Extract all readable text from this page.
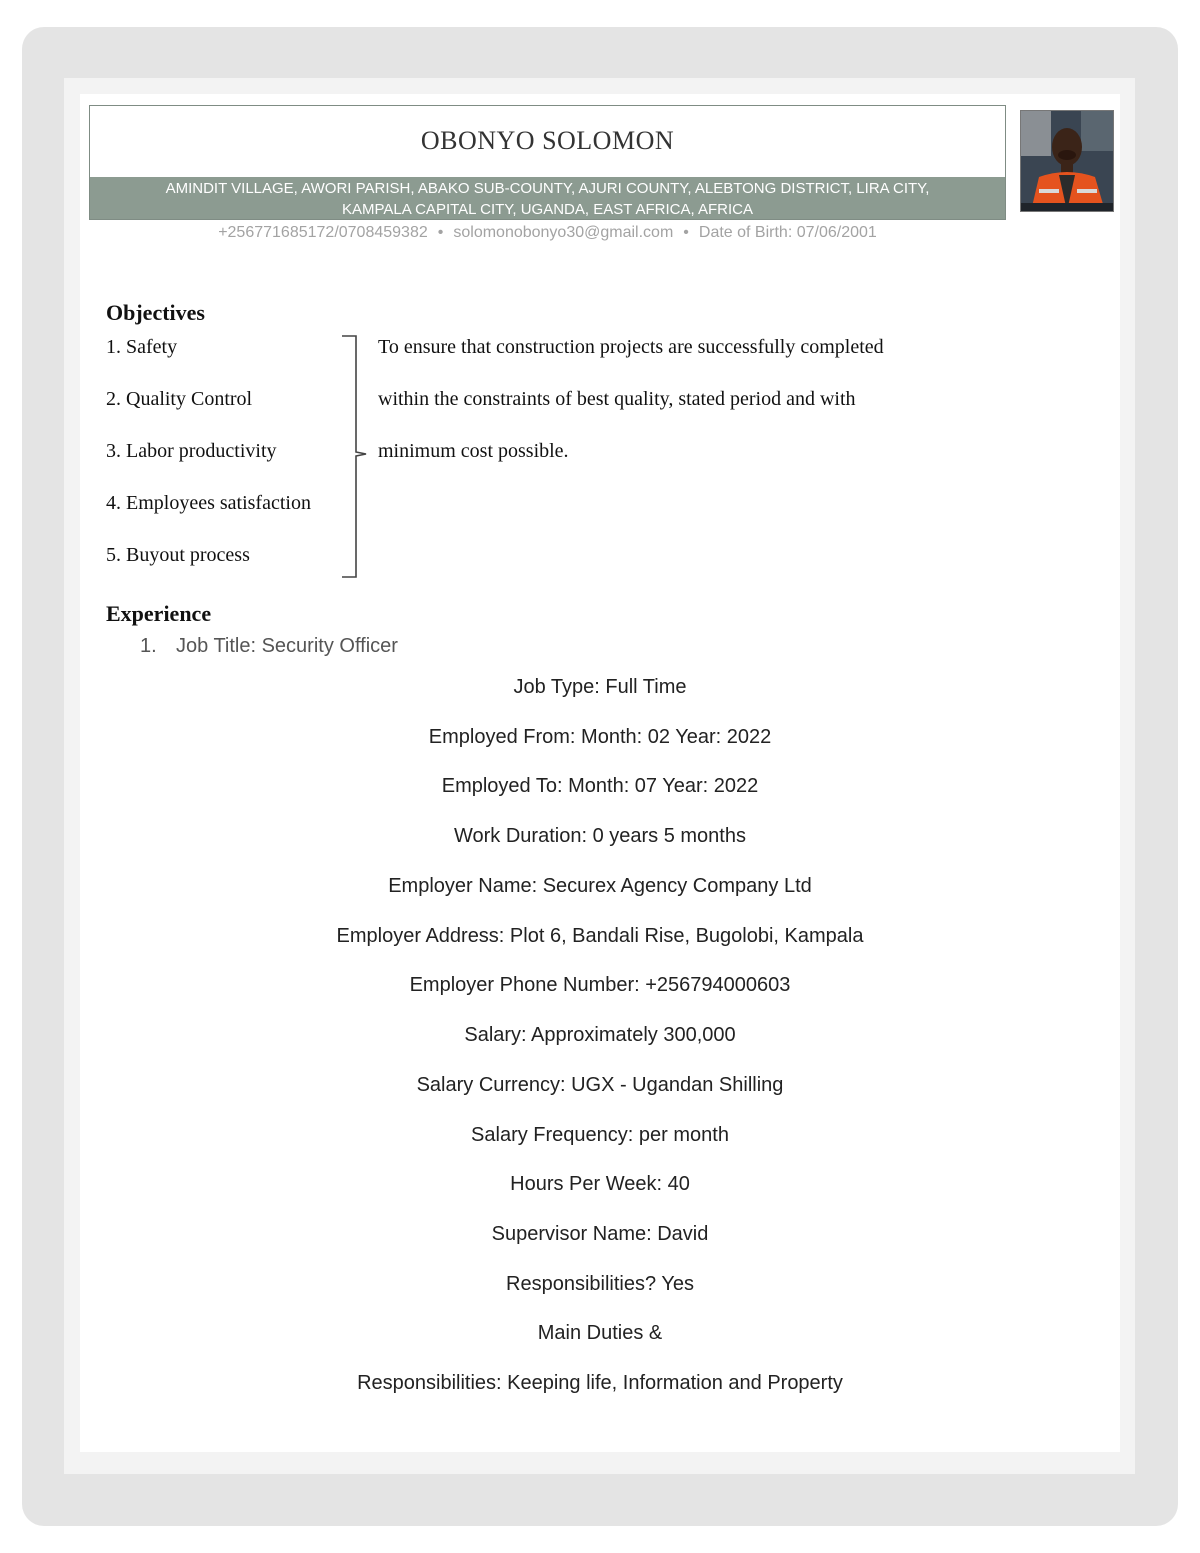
OBONYO SOLOMON
AMINDIT VILLAGE, AWORI PARISH, ABAKO SUB-COUNTY, AJURI COUNTY, ALEBTONG DISTRICT, LIRA CITY,
KAMPALA CAPITAL CITY, UGANDA, EAST AFRICA, AFRICA
+256771685172/0708459382 • solomonobonyo30@gmail.com • Date of Birth: 07/06/2001
Objectives
1. Safety
2. Quality Control
3. Labor productivity
4. Employees satisfaction
5. Buyout process
To ensure that construction projects are successfully completed
within the constraints of best quality, stated period and with
minimum cost possible.
Experience
1. Job Title: Security Officer
Job Type: Full Time
Employed From: Month: 02 Year: 2022
Employed To: Month: 07 Year: 2022
Work Duration: 0 years 5 months
Employer Name: Securex Agency Company Ltd
Employer Address: Plot 6, Bandali Rise, Bugolobi, Kampala
Employer Phone Number: +256794000603
Salary: Approximately 300,000
Salary Currency: UGX - Ugandan Shilling
Salary Frequency: per month
Hours Per Week: 40
Supervisor Name: David
Responsibilities? Yes
Main Duties &
Responsibilities: Keeping life, Information and Property
